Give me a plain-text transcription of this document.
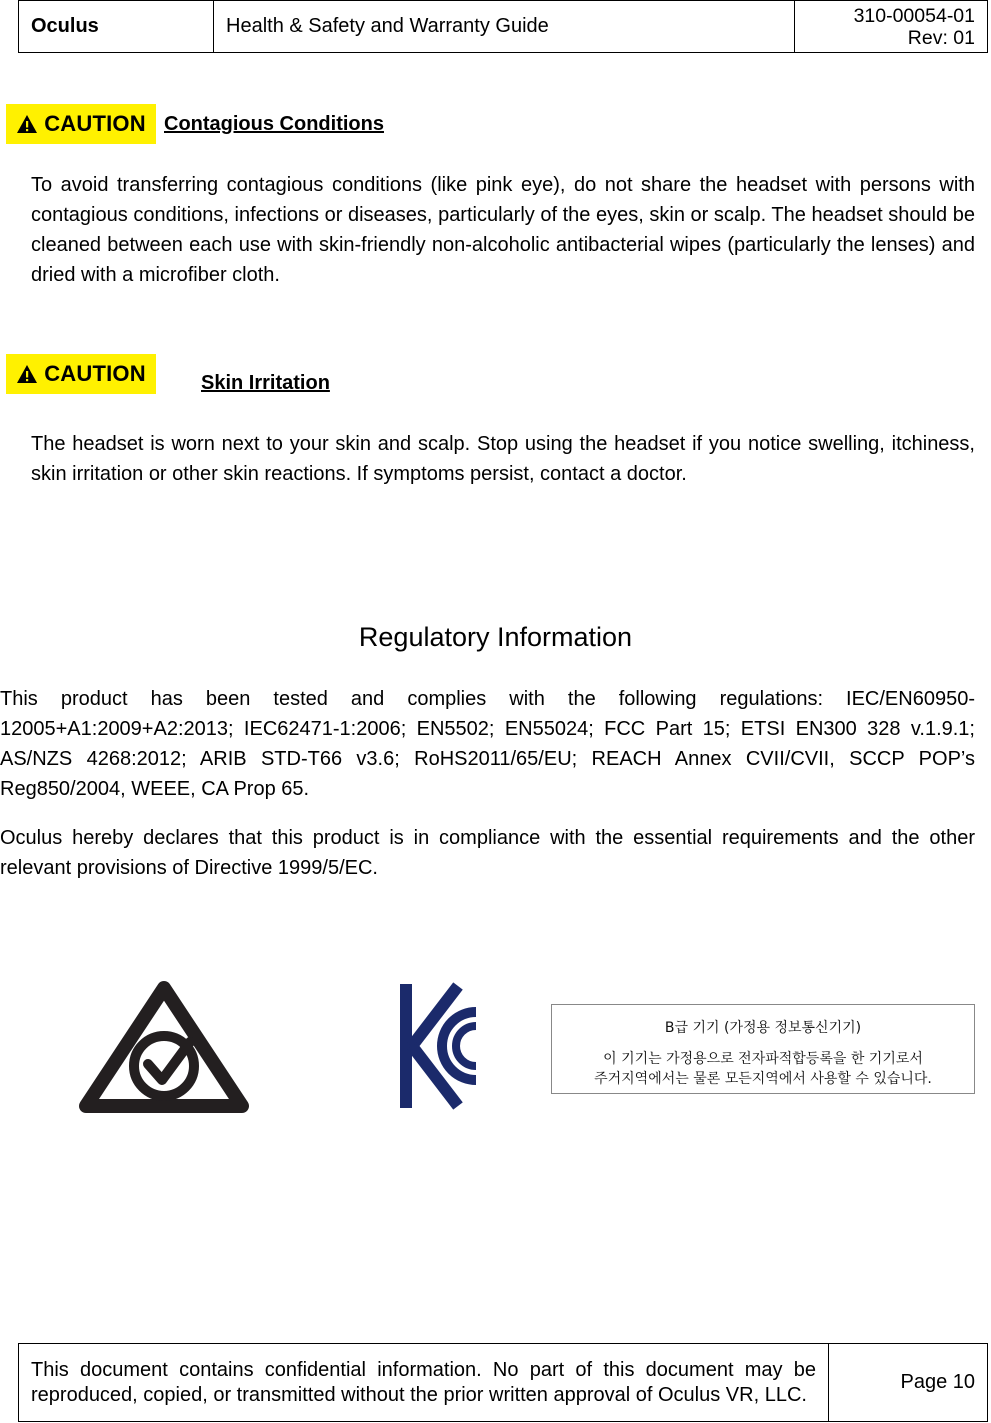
Oculus	Health & Safety and Warranty Guide	310-00054-01
Rev: 01
CAUTION Contagious Conditions

To avoid transferring contagious conditions (like pink eye), do not share the headset with persons with contagious conditions, infections or diseases, particularly of the eyes, skin or scalp. The headset should be cleaned between each use with skin-friendly non-alcoholic antibacterial wipes (particularly the lenses) and dried with a microfiber cloth.

CAUTION	Skin Irritation

The headset is worn next to your skin and scalp. Stop using the headset if you notice swelling, itchiness, skin irritation or other skin reactions. If symptoms persist, contact a doctor.

Regulatory Information

This product has been tested and complies with the following regulations: IEC/EN60950-12005+A1:2009+A2:2013; IEC62471-1:2006; EN5502; EN55024; FCC Part 15; ETSI EN300 328 v.1.9.1; AS/NZS 4268:2012; ARIB STD-T66 v3.6; RoHS2011/65/EU; REACH Annex CVII/CVII, SCCP POP’s Reg850/2004, WEEE, CA Prop 65.

Oculus hereby declares that this product is in compliance with the essential requirements and the other relevant provisions of Directive 1999/5/EC.

B급 기기 (가정용 정보통신기기)
이 기기는 가정용으로 전자파적합등록을 한 기기로서
주거지역에서는 물론 모든지역에서 사용할 수 있습니다.
This document contains confidential information. No part of this document may be reproduced, copied, or transmitted without the prior written approval of Oculus VR, LLC.	Page 10
